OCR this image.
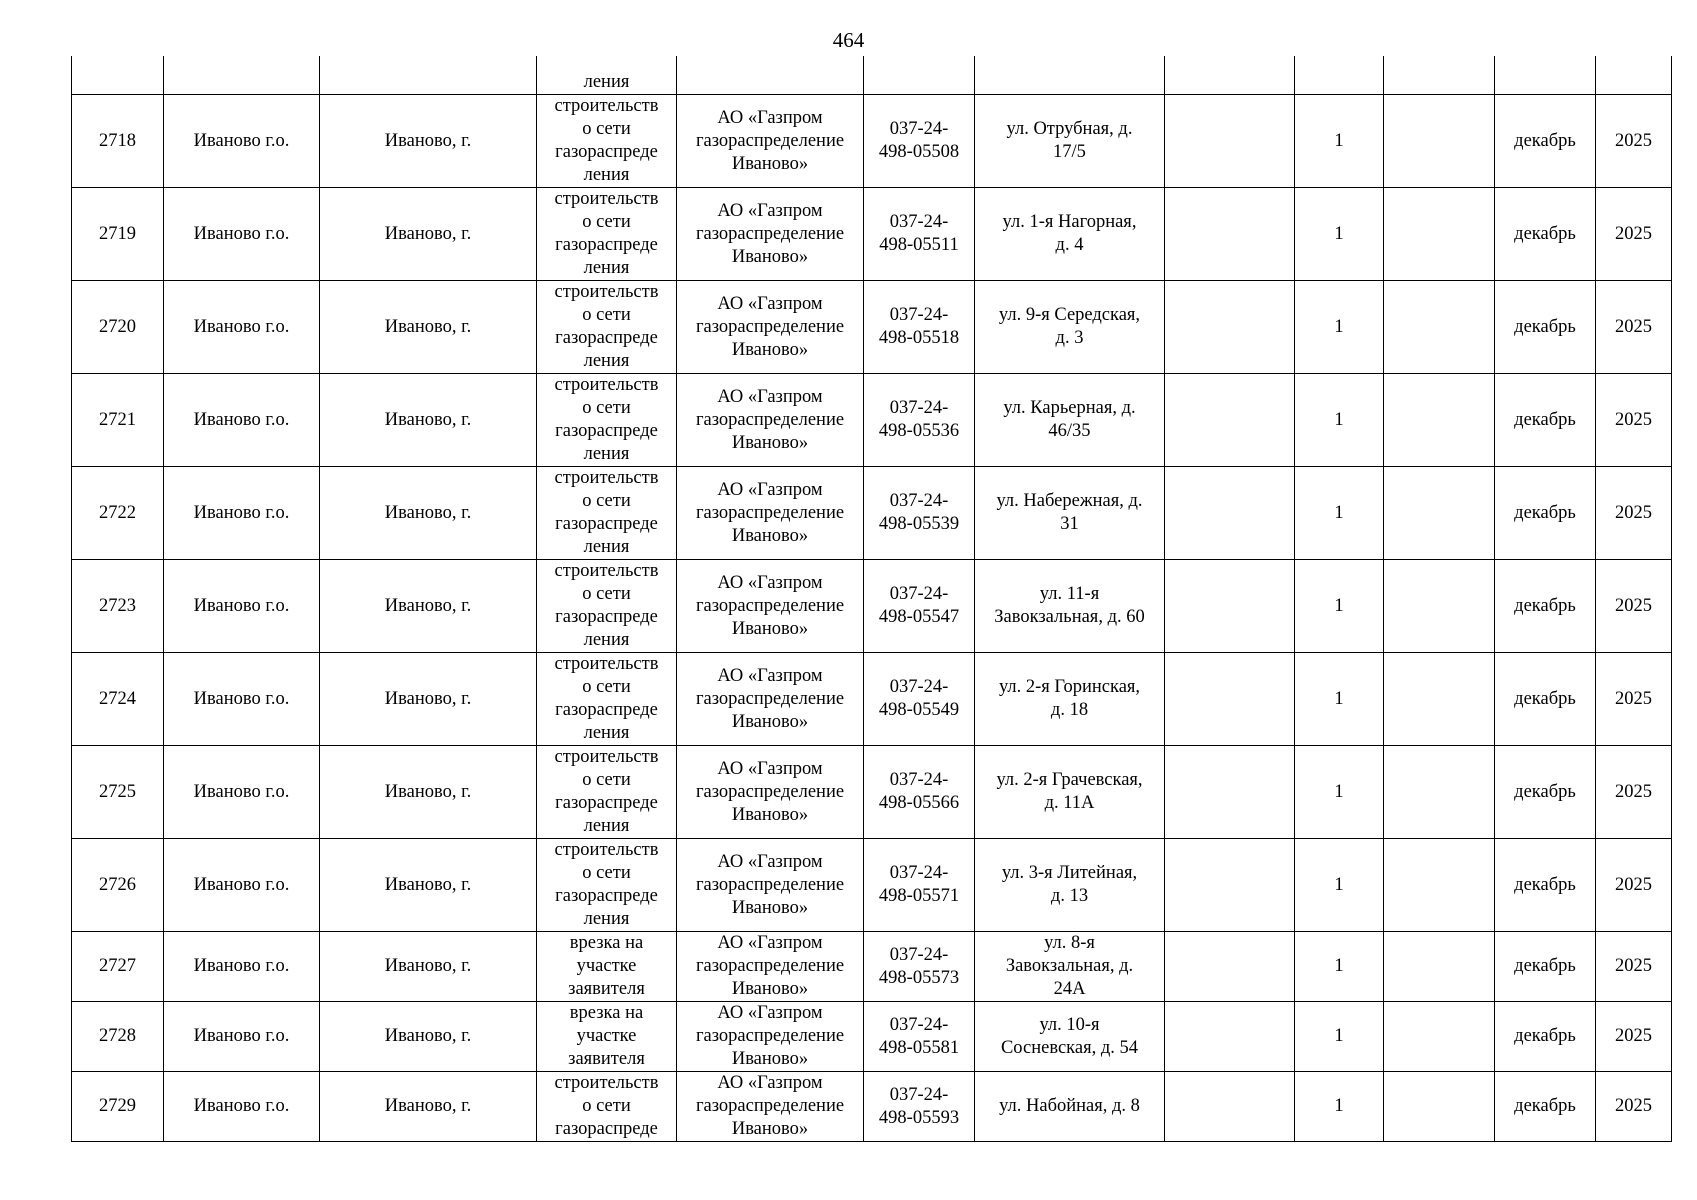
464
			ления								
2718	Иваново г.о.	Иваново, г.	строительств
о сети
газораспреде
ления	АО «Газпром
газораспределение
Иваново»	037-24-
498-05508	ул. Отрубная, д.
17/5		1		декабрь	2025
2719	Иваново г.о.	Иваново, г.	строительств
о сети
газораспреде
ления	АО «Газпром
газораспределение
Иваново»	037-24-
498-05511	ул. 1-я Нагорная,
д. 4		1		декабрь	2025
2720	Иваново г.о.	Иваново, г.	строительств
о сети
газораспреде
ления	АО «Газпром
газораспределение
Иваново»	037-24-
498-05518	ул. 9-я Середская,
д. 3		1		декабрь	2025
2721	Иваново г.о.	Иваново, г.	строительств
о сети
газораспреде
ления	АО «Газпром
газораспределение
Иваново»	037-24-
498-05536	ул. Карьерная, д.
46/35		1		декабрь	2025
2722	Иваново г.о.	Иваново, г.	строительств
о сети
газораспреде
ления	АО «Газпром
газораспределение
Иваново»	037-24-
498-05539	ул. Набережная, д.
31		1		декабрь	2025
2723	Иваново г.о.	Иваново, г.	строительств
о сети
газораспреде
ления	АО «Газпром
газораспределение
Иваново»	037-24-
498-05547	ул. 11-я
Завокзальная, д. 60		1		декабрь	2025
2724	Иваново г.о.	Иваново, г.	строительств
о сети
газораспреде
ления	АО «Газпром
газораспределение
Иваново»	037-24-
498-05549	ул. 2-я Горинская,
д. 18		1		декабрь	2025
2725	Иваново г.о.	Иваново, г.	строительств
о сети
газораспреде
ления	АО «Газпром
газораспределение
Иваново»	037-24-
498-05566	ул. 2-я Грачевская,
д. 11А		1		декабрь	2025
2726	Иваново г.о.	Иваново, г.	строительств
о сети
газораспреде
ления	АО «Газпром
газораспределение
Иваново»	037-24-
498-05571	ул. 3-я Литейная,
д. 13		1		декабрь	2025
2727	Иваново г.о.	Иваново, г.	врезка на
участке
заявителя	АО «Газпром
газораспределение
Иваново»	037-24-
498-05573	ул. 8-я
Завокзальная, д.
24А		1		декабрь	2025
2728	Иваново г.о.	Иваново, г.	врезка на
участке
заявителя	АО «Газпром
газораспределение
Иваново»	037-24-
498-05581	ул. 10-я
Сосневская, д. 54		1		декабрь	2025
2729	Иваново г.о.	Иваново, г.	строительств
о сети
газораспреде	АО «Газпром
газораспределение
Иваново»	037-24-
498-05593	ул. Набойная, д. 8		1		декабрь	2025
